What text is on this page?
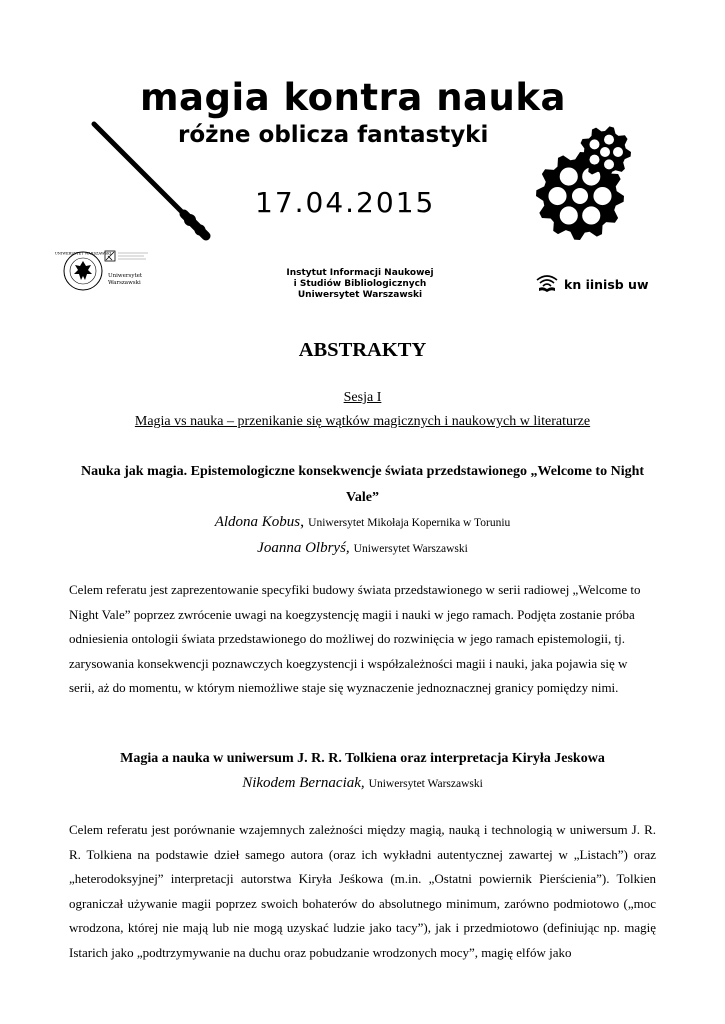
magia kontra nauka
różne oblicza fantastyki
17.04.2015
UNIWERSYTET WARSZAWSKI
Uniwersytet Warszawski
Instytut Informacji Naukowej
i Studiów Bibliologicznych
Uniwersytet Warszawski
kn iinisb uw
ABSTRAKTY
Sesja I
Magia vs nauka – przenikanie się wątków magicznych i naukowych w literaturze
Nauka jak magia. Epistemologiczne konsekwencje świata przedstawionego „Welcome to Night Vale”
Aldona Kobus, Uniwersytet Mikołaja Kopernika w Toruniu
Joanna Olbryś, Uniwersytet Warszawski

Celem referatu jest zaprezentowanie specyfiki budowy świata przedstawionego w serii radiowej „Welcome to Night Vale” poprzez zwrócenie uwagi na koegzystencję magii i nauki w jego ramach. Podjęta zostanie próba odniesienia ontologii świata przedstawionego do możliwej do rozwinięcia w jego ramach epistemologii, tj. zarysowania konsekwencji poznawczych koegzystencji i współzależności magii i nauki, jaka pojawia się w serii, aż do momentu, w którym niemożliwe staje się wyznaczenie jednoznacznej granicy pomiędzy nimi.

Magia a nauka w uniwersum J. R. R. Tolkiena oraz interpretacja Kiryła Jeskowa
Nikodem Bernaciak, Uniwersytet Warszawski

Celem referatu jest porównanie wzajemnych zależności między magią, nauką i technologią w uniwersum J. R. R. Tolkiena na podstawie dzieł samego autora (oraz ich wykładni autentycznej zawartej w „Listach”) oraz „heterodoksyjnej” interpretacji autorstwa Kiryła Jeśkowa (m.in. „Ostatni powiernik Pierścienia”). Tolkien ograniczał używanie magii poprzez swoich bohaterów do absolutnego minimum, zarówno podmiotowo („moc wrodzona, której nie mają lub nie mogą uzyskać ludzie jako tacy”), jak i przedmiotowo (definiując np. magię Istarich jako „podtrzymywanie na duchu oraz pobudzanie wrodzonych mocy”, magię elfów jako
